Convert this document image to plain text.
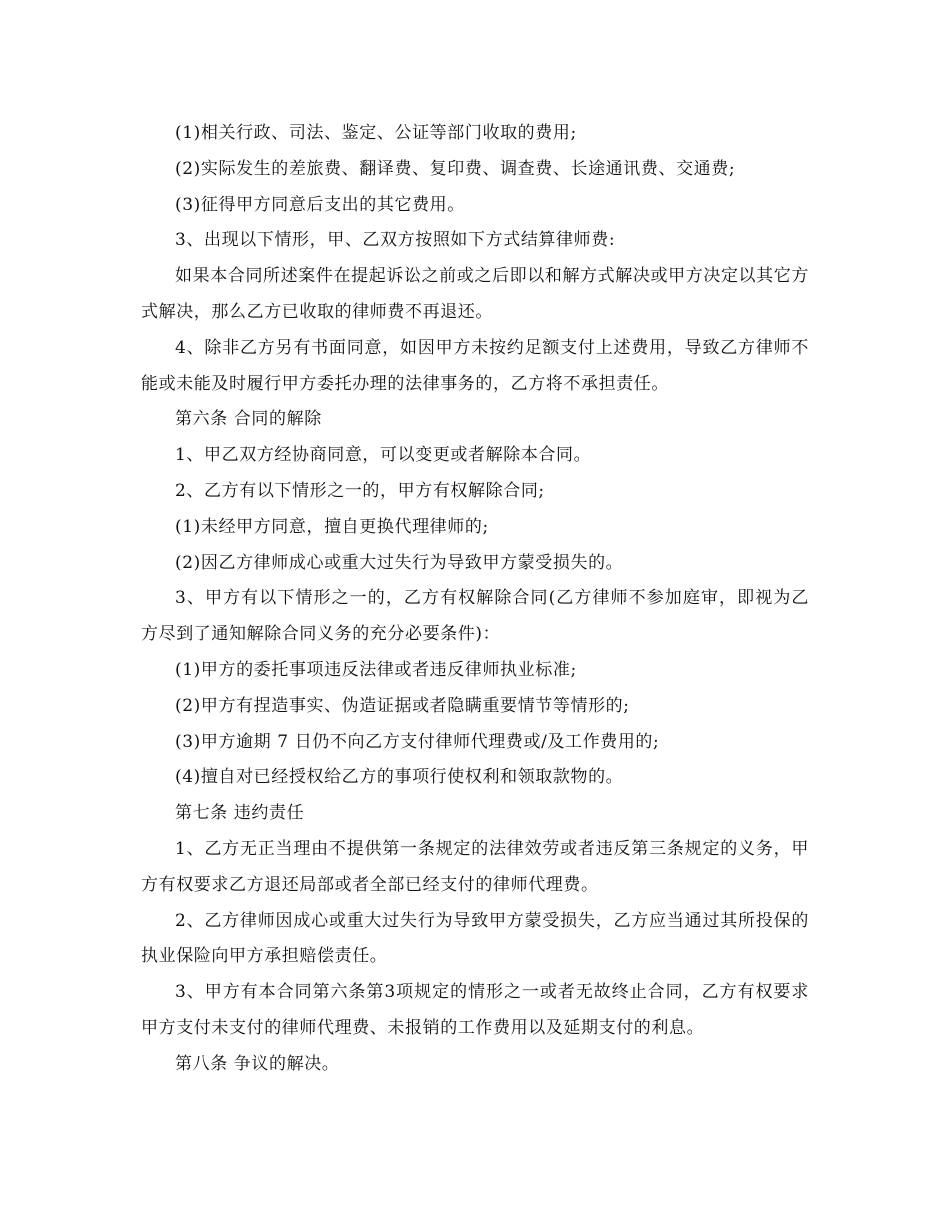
(1)相关行政、司法、鉴定、公证等部门收取的费用;

(2)实际发生的差旅费、翻译费、复印费、调查费、长途通讯费、交通费;

(3)征得甲方同意后支出的其它费用。

3、出现以下情形，甲、乙双方按照如下方式结算律师费:

如果本合同所述案件在提起诉讼之前或之后即以和解方式解决或甲方决定以其它方式解决，那么乙方已收取的律师费不再退还。

4、除非乙方另有书面同意，如因甲方未按约足额支付上述费用，导致乙方律师不能或未能及时履行甲方委托办理的法律事务的，乙方将不承担责任。

第六条 合同的解除

1、甲乙双方经协商同意，可以变更或者解除本合同。

2、乙方有以下情形之一的，甲方有权解除合同;

(1)未经甲方同意，擅自更换代理律师的;

(2)因乙方律师成心或重大过失行为导致甲方蒙受损失的。

3、甲方有以下情形之一的，乙方有权解除合同(乙方律师不参加庭审，即视为乙方尽到了通知解除合同义务的充分必要条件)：

(1)甲方的委托事项违反法律或者违反律师执业标准;

(2)甲方有捏造事实、伪造证据或者隐瞒重要情节等情形的;

(3)甲方逾期 7 日仍不向乙方支付律师代理费或/及工作费用的;

(4)擅自对已经授权给乙方的事项行使权利和领取款物的。

第七条 违约责任

1、乙方无正当理由不提供第一条规定的法律效劳或者违反第三条规定的义务，甲方有权要求乙方退还局部或者全部已经支付的律师代理费。

2、乙方律师因成心或重大过失行为导致甲方蒙受损失，乙方应当通过其所投保的执业保险向甲方承担赔偿责任。

3、甲方有本合同第六条第3项规定的情形之一或者无故终止合同，乙方有权要求甲方支付未支付的律师代理费、未报销的工作费用以及延期支付的利息。

第八条 争议的解决。
